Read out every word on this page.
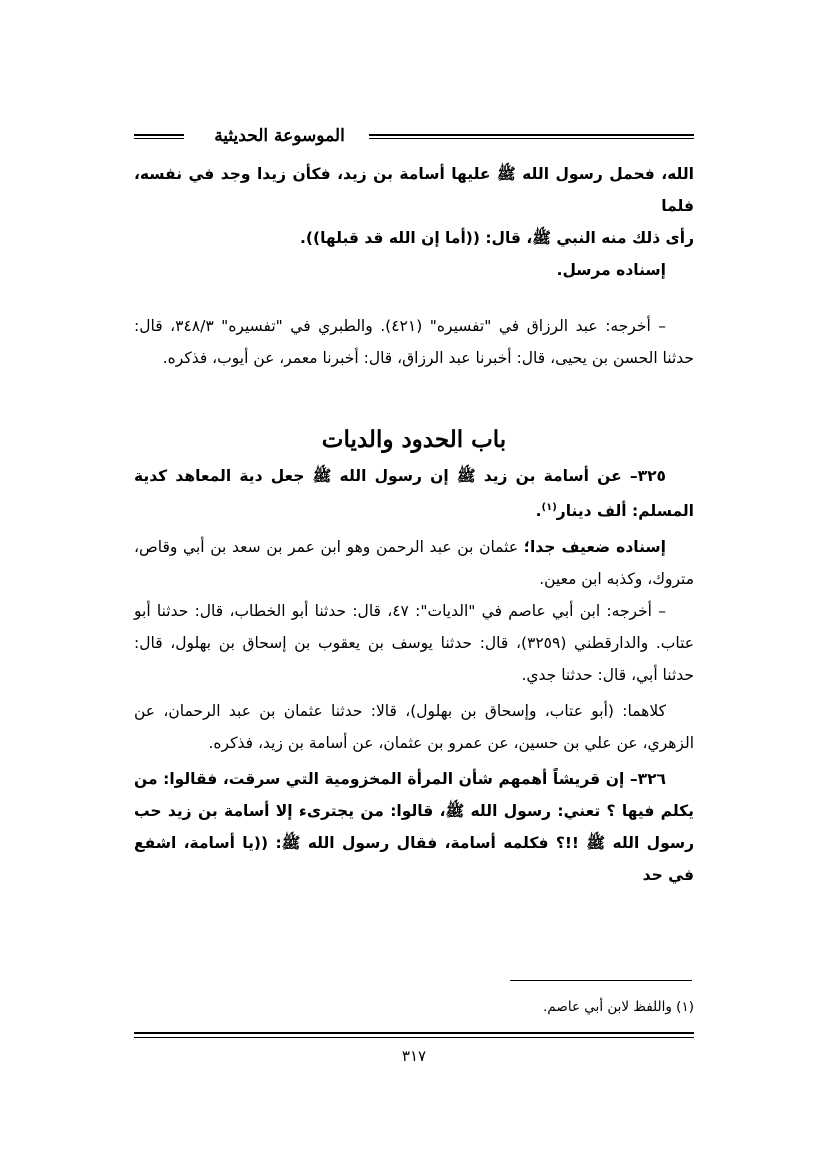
الموسوعة الحديثية

الله، فحمل رسول الله ﷺ عليها أسامة بن زيد، فكأن زيدا وجد في نفسه، فلما

رأى ذلك منه النبي ﷺ، قال: ((أما إن الله قد قبلها)).

إسناده مرسل.

– أخرجه: عبد الرزاق في "تفسيره" (٤٢١). والطبري في "تفسيره" ٣٤٨/٣، قال: حدثنا الحسن بن يحيى، قال: أخبرنا عبد الرزاق، قال: أخبرنا معمر، عن أيوب، فذكره.

باب الحدود والديات

٣٢٥– عن أسامة بن زيد ﷺ إن رسول الله ﷺ جعل دية المعاهد كدية المسلم: ألف دينار$^{(١)}$.

إسناده ضعيف جدا؛ عثمان بن عبد الرحمن وهو ابن عمر بن سعد بن أبي وقاص، متروك، وكذبه ابن معين.

– أخرجه: ابن أبي عاصم في "الديات": ٤٧، قال: حدثنا أبو الخطاب، قال: حدثنا أبو عتاب. والدارقطني (٣٢٥٩)، قال: حدثنا يوسف بن يعقوب بن إسحاق بن بهلول، قال: حدثنا أبي، قال: حدثنا جدي.

كلاهما: (أبو عتاب، وإسحاق بن بهلول)، قالا: حدثنا عثمان بن عبد الرحمان، عن الزهري، عن علي بن حسين، عن عمرو بن عثمان، عن أسامة بن زيد، فذكره.

٣٢٦– إن قريشاً أهمهم شأن المرأة المخزومية التي سرقت، فقالوا: من يكلم فيها ؟ تعني: رسول الله ﷺ، قالوا: من يجترىء إلا أسامة بن زيد حب رسول الله ﷺ !!؟ فكلمه أسامة، فقال رسول الله ﷺ: ((يا أسامة، اشفع في حد

(١) واللفظ لابن أبي عاصم.
٣١٧
